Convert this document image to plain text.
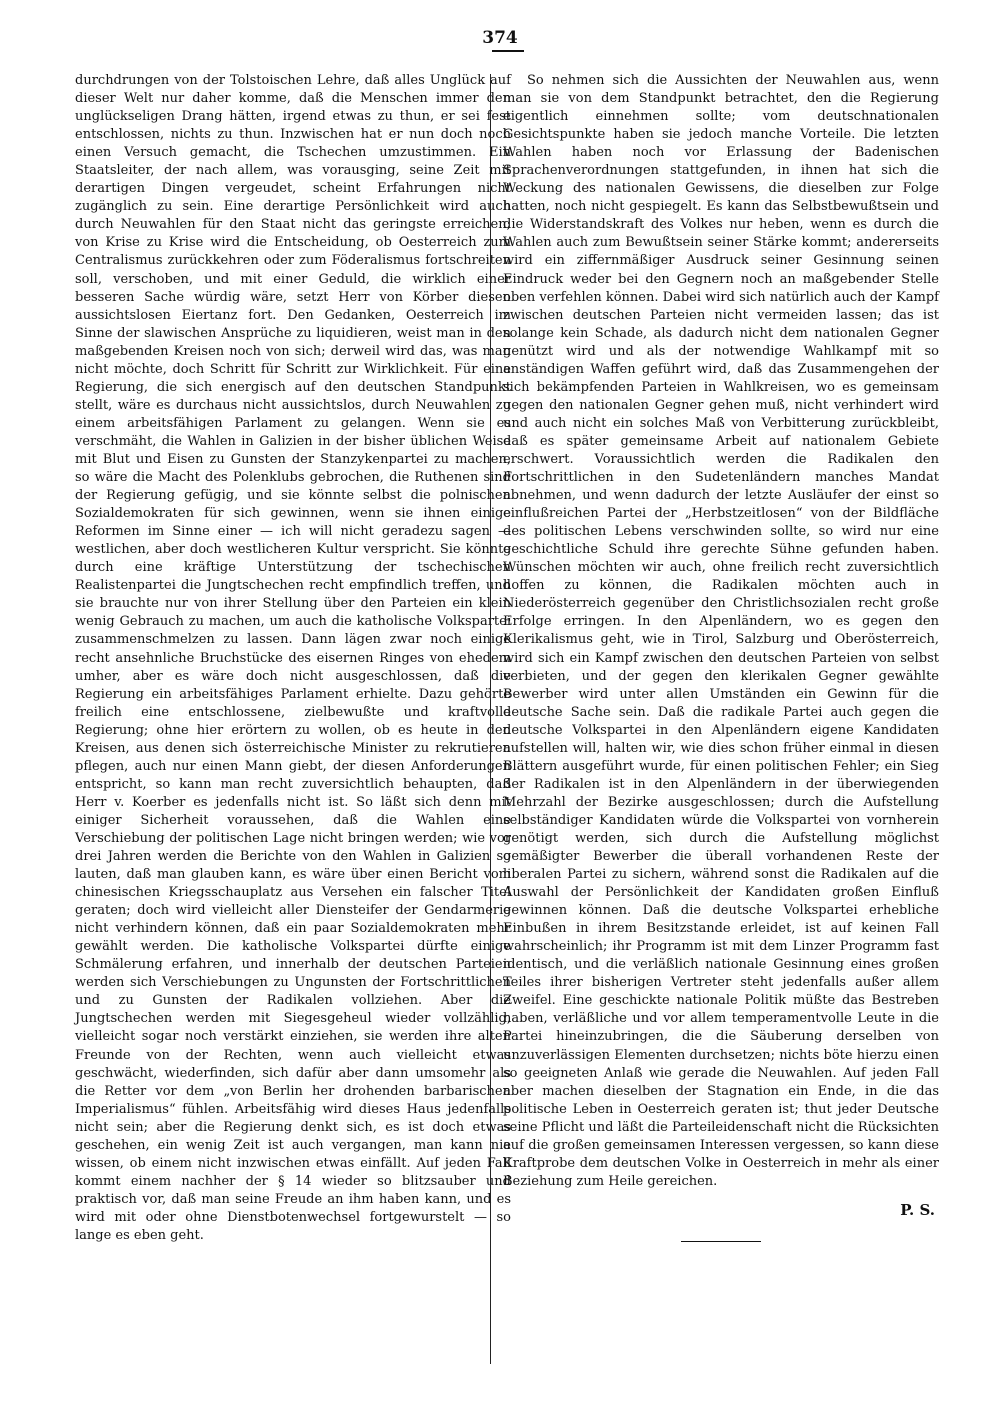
374

durchdrungen von der Tolstoischen Lehre, daß alles Unglück auf dieser Welt nur daher komme, daß die Menschen immer den unglückseligen Drang hätten, irgend etwas zu thun, er sei fest entschlossen, nichts zu thun. Inzwischen hat er nun doch noch einen Versuch gemacht, die Tschechen umzustimmen. Ein Staatsleiter, der nach allem, was vorausging, seine Zeit mit derartigen Dingen vergeudet, scheint Erfahrungen nicht zugänglich zu sein. Eine derartige Persönlichkeit wird auch durch Neuwahlen für den Staat nicht das geringste erreichen; von Krise zu Krise wird die Entscheidung, ob Oesterreich zum Centralismus zurückkehren oder zum Föderalismus fortschreiten soll, verschoben, und mit einer Geduld, die wirklich einer besseren Sache würdig wäre, setzt Herr von Körber diesen aussichtslosen Eiertanz fort. Den Gedanken, Oesterreich im Sinne der slawischen Ansprüche zu liquidieren, weist man in den maßgebenden Kreisen noch von sich; derweil wird das, was man nicht möchte, doch Schritt für Schritt zur Wirklichkeit. Für eine Regierung, die sich energisch auf den deutschen Standpunkt stellt, wäre es durchaus nicht aussichtslos, durch Neuwahlen zu einem arbeitsfähigen Parlament zu gelangen. Wenn sie es verschmäht, die Wahlen in Galizien in der bisher üblichen Weise mit Blut und Eisen zu Gunsten der Stanzykenpartei zu machen, so wäre die Macht des Polenklubs gebrochen, die Ruthenen sind der Regierung gefügig, und sie könnte selbst die polnischen Sozialdemokraten für sich gewinnen, wenn sie ihnen einige Reformen im Sinne einer — ich will nicht geradezu sagen — westlichen, aber doch westlicheren Kultur verspricht. Sie könnte durch eine kräftige Unterstützung der tschechischen Realistenpartei die Jungtschechen recht empfindlich treffen, und sie brauchte nur von ihrer Stellung über den Parteien ein klein wenig Gebrauch zu machen, um auch die katholische Volkspartei zusammenschmelzen zu lassen. Dann lägen zwar noch einige recht ansehnliche Bruchstücke des eisernen Ringes von ehedem umher, aber es wäre doch nicht ausgeschlossen, daß die Regierung ein arbeitsfähiges Parlament erhielte. Dazu gehörte freilich eine entschlossene, zielbewußte und kraftvolle Regierung; ohne hier erörtern zu wollen, ob es heute in den Kreisen, aus denen sich österreichische Minister zu rekrutieren pflegen, auch nur einen Mann giebt, der diesen Anforderungen entspricht, so kann man recht zuversichtlich behaupten, daß Herr v. Koerber es jedenfalls nicht ist. So läßt sich denn mit einiger Sicherheit voraussehen, daß die Wahlen eine Verschiebung der politischen Lage nicht bringen werden; wie vor drei Jahren werden die Berichte von den Wahlen in Galizien so lauten, daß man glauben kann, es wäre über einen Bericht vom chinesischen Kriegsschauplatz aus Versehen ein falscher Titel geraten; doch wird vielleicht aller Diensteifer der Gendarmerie nicht verhindern können, daß ein paar Sozialdemokraten mehr gewählt werden. Die katholische Volkspartei dürfte einige Schmälerung erfahren, und innerhalb der deutschen Parteien werden sich Verschiebungen zu Ungunsten der Fortschrittlichen und zu Gunsten der Radikalen vollziehen. Aber die Jungtschechen werden mit Siegesgeheul wieder vollzählig, vielleicht sogar noch verstärkt einziehen, sie werden ihre alten Freunde von der Rechten, wenn auch vielleicht etwas geschwächt, wiederfinden, sich dafür aber dann umsomehr als die Retter vor dem „von Berlin her drohenden barbarischen Imperialismus“ fühlen. Arbeitsfähig wird dieses Haus jedenfalls nicht sein; aber die Regierung denkt sich, es ist doch etwas geschehen, ein wenig Zeit ist auch vergangen, man kann nie wissen, ob einem nicht inzwischen etwas einfällt. Auf jeden Fall kommt einem nachher der § 14 wieder so blitzsauber und praktisch vor, daß man seine Freude an ihm haben kann, und es wird mit oder ohne Dienstbotenwechsel fortgewurstelt — so lange es eben geht.

So nehmen sich die Aussichten der Neuwahlen aus, wenn man sie von dem Standpunkt betrachtet, den die Regierung eigentlich einnehmen sollte; vom deutschnationalen Gesichtspunkte haben sie jedoch manche Vorteile. Die letzten Wahlen haben noch vor Erlassung der Badenischen Sprachenverordnungen stattgefunden, in ihnen hat sich die Weckung des nationalen Gewissens, die dieselben zur Folge hatten, noch nicht gespiegelt. Es kann das Selbstbewußtsein und die Widerstandskraft des Volkes nur heben, wenn es durch die Wahlen auch zum Bewußtsein seiner Stärke kommt; andererseits wird ein ziffernmäßiger Ausdruck seiner Gesinnung seinen Eindruck weder bei den Gegnern noch an maßgebender Stelle oben verfehlen können. Dabei wird sich natürlich auch der Kampf zwischen deutschen Parteien nicht vermeiden lassen; das ist solange kein Schade, als dadurch nicht dem nationalen Gegner genützt wird und als der notwendige Wahlkampf mit so anständigen Waffen geführt wird, daß das Zusammengehen der sich bekämpfenden Parteien in Wahlkreisen, wo es gemeinsam gegen den nationalen Gegner gehen muß, nicht verhindert wird und auch nicht ein solches Maß von Verbitterung zurückbleibt, daß es später gemeinsame Arbeit auf nationalem Gebiete erschwert. Voraussichtlich werden die Radikalen den Fortschrittlichen in den Sudetenländern manches Mandat abnehmen, und wenn dadurch der letzte Ausläufer der einst so einflußreichen Partei der „Herbstzeitlosen“ von der Bildfläche des politischen Lebens verschwinden sollte, so wird nur eine geschichtliche Schuld ihre gerechte Sühne gefunden haben. Wünschen möchten wir auch, ohne freilich recht zuversichtlich hoffen zu können, die Radikalen möchten auch in Niederösterreich gegenüber den Christlichsozialen recht große Erfolge erringen. In den Alpenländern, wo es gegen den Klerikalismus geht, wie in Tirol, Salzburg und Oberösterreich, wird sich ein Kampf zwischen den deutschen Parteien von selbst verbieten, und der gegen den klerikalen Gegner gewählte Bewerber wird unter allen Umständen ein Gewinn für die deutsche Sache sein. Daß die radikale Partei auch gegen die deutsche Volkspartei in den Alpenländern eigene Kandidaten aufstellen will, halten wir, wie dies schon früher einmal in diesen Blättern ausgeführt wurde, für einen politischen Fehler; ein Sieg der Radikalen ist in den Alpenländern in der überwiegenden Mehrzahl der Bezirke ausgeschlossen; durch die Aufstellung selbständiger Kandidaten würde die Volkspartei von vornherein genötigt werden, sich durch die Aufstellung möglichst gemäßigter Bewerber die überall vorhandenen Reste der liberalen Partei zu sichern, während sonst die Radikalen auf die Auswahl der Persönlichkeit der Kandidaten großen Einfluß gewinnen können. Daß die deutsche Volkspartei erhebliche Einbußen in ihrem Besitzstande erleidet, ist auf keinen Fall wahrscheinlich; ihr Programm ist mit dem Linzer Programm fast identisch, und die verläßlich nationale Gesinnung eines großen Teiles ihrer bisherigen Vertreter steht jedenfalls außer allem Zweifel. Eine geschickte nationale Politik müßte das Bestreben haben, verläßliche und vor allem temperamentvolle Leute in die Partei hineinzubringen, die die Säuberung derselben von unzuverlässigen Elementen durchsetzen; nichts böte hierzu einen so geeigneten Anlaß wie gerade die Neuwahlen. Auf jeden Fall aber machen dieselben der Stagnation ein Ende, in die das politische Leben in Oesterreich geraten ist; thut jeder Deutsche seine Pflicht und läßt die Parteileidenschaft nicht die Rücksichten auf die großen gemeinsamen Interessen vergessen, so kann diese Kraftprobe dem deutschen Volke in Oesterreich in mehr als einer Beziehung zum Heile gereichen.

P. S.
